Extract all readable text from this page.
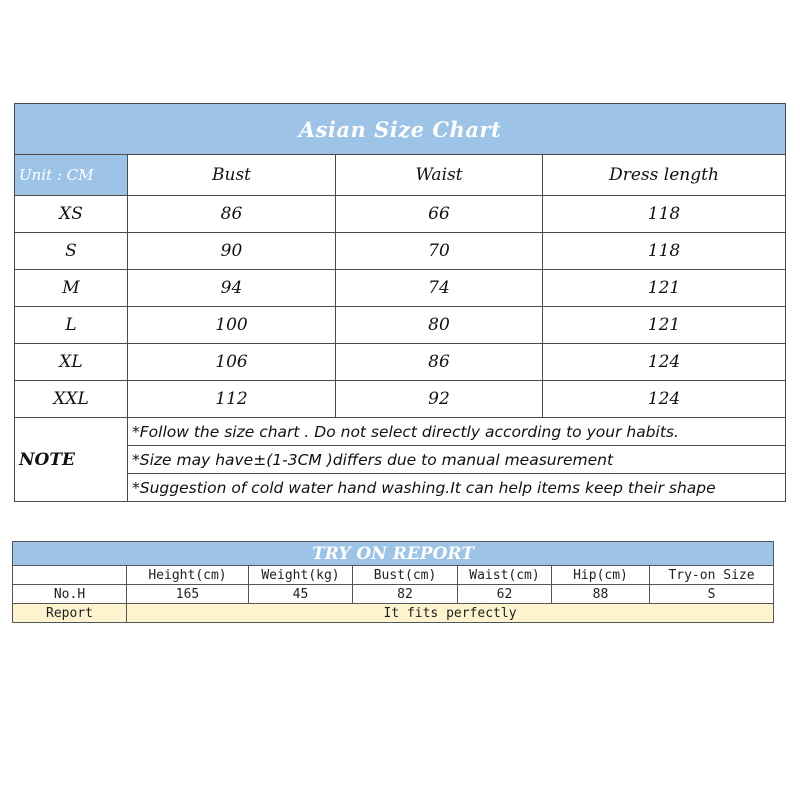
Asian Size Chart			
Unit : CM	Bust	Waist	Dress length
XS	86	66	118
S	90	70	118
M	94	74	121
L	100	80	121
XL	106	86	124
XXL	112	92	124
NOTE	*Follow the size chart . Do not select directly according to your habits.		
	*Size may have±(1-3CM )differs due to manual measurement		
	*Suggestion of cold water hand washing.It can help items keep their shape		
TRY ON REPORT						
	Height(cm)	Weight(kg)	Bust(cm)	Waist(cm)	Hip(cm)	Try-on Size
No.H	165	45	82	62	88	S
Report	It fits perfectly					
